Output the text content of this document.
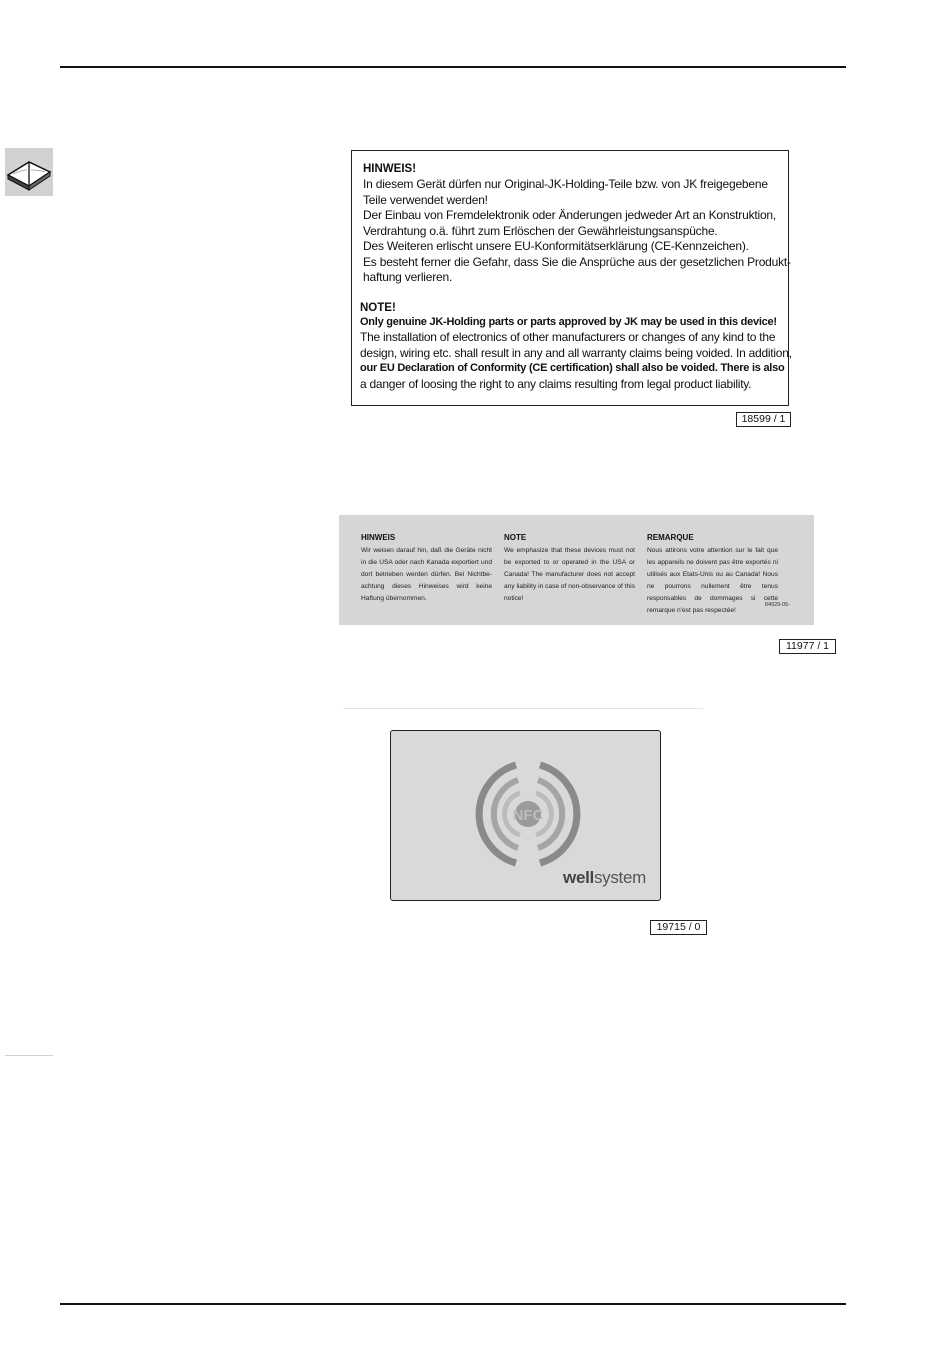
HINWEIS!
In diesem Gerät dürfen nur Original-JK-Holding-Teile bzw. von JK freigegebene
Teile verwendet werden!
Der Einbau von Fremdelektronik oder Änderungen jedweder Art an Konstruktion,
Verdrahtung o.ä. führt zum Erlöschen der Gewährleistungsanspüche.
Des Weiteren erlischt unsere EU-Konformitätserklärung (CE-Kennzeichen).
Es besteht ferner die Gefahr, dass Sie die Ansprüche aus der gesetzlichen Produkt-
haftung verlieren.
NOTE!
Only genuine JK-Holding parts or parts approved by JK may be used in this device!
The installation of electronics of other manufacturers or changes of any kind to the
design, wiring etc. shall result in any and all warranty claims being voided. In addition,
our EU Declaration of Conformity (CE certification) shall also be voided. There is also
a danger of loosing the right to any claims resulting from legal product liability.
18599 / 1
HINWEIS
Wir weisen darauf hin, daß die Geräte nicht in die USA oder nach Kanada exportiert und dort betrieben werden dürfen. Bei Nichtbe-achtung dieses Hinweises wird keine Haftung übernommen.
NOTE
We emphasize that these devices must not be exported to or operated in the USA or Canada! The manufacturer does not accept any liability in case of non-observance of this notice!
REMARQUE
Nous attirons votre attention sur le fait que les appareils ne doivent pas être exportés ni utilisés aux Etats-Unis ou au Canada! Nous ne pourrons nullement être tenus responsables de dommages si cette remarque n'est pas respectée!
84929-05-
11977 / 1
NFC
wellsystem
19715 / 0
